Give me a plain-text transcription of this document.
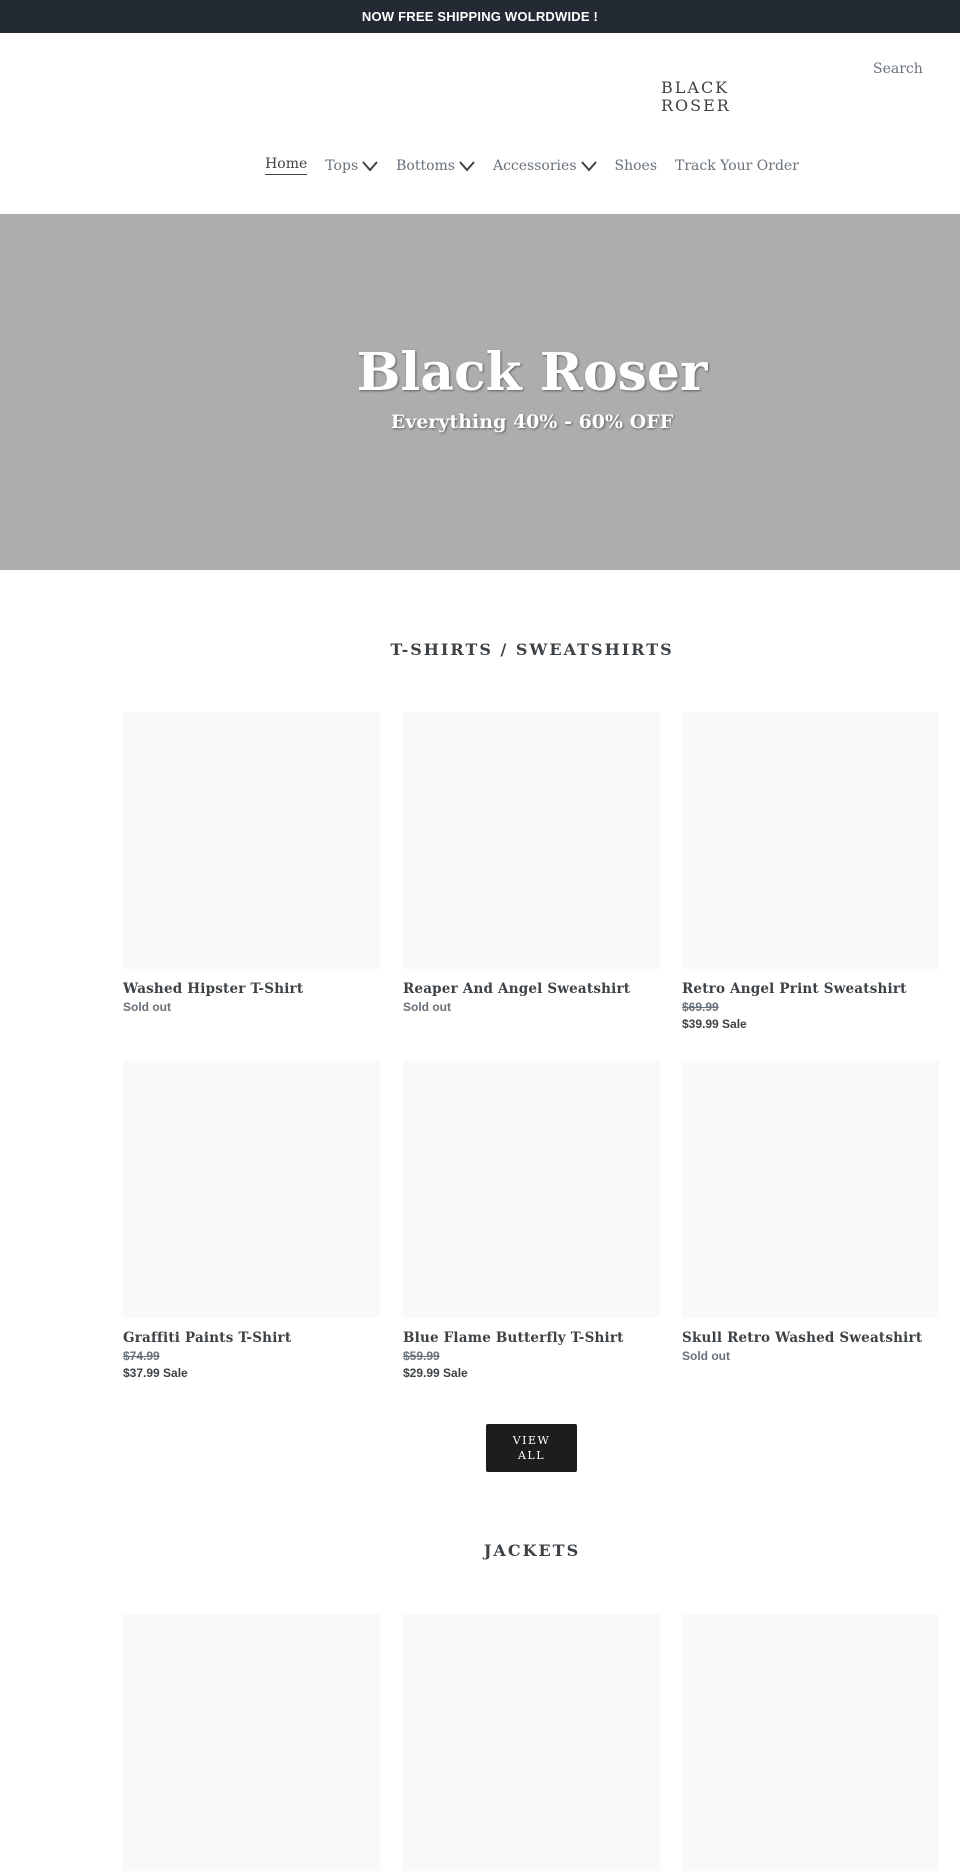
NOW FREE SHIPPING WOLRDWIDE !
Search
BLACK ROSER
Home Tops	Bottoms	Accessories	Shoes Track Your Order
Black Roser
Everything 40% - 60% OFF
T-SHIRTS / SWEATSHIRTS
Washed Hipster T-Shirt
Sold out
Reaper And Angel Sweatshirt
Sold out
Retro Angel Print Sweatshirt
$69.99
$39.99 Sale
Graffiti Paints T-Shirt
$74.99
$37.99 Sale
Blue Flame Butterfly T-Shirt
$59.99
$29.99 Sale
Skull Retro Washed Sweatshirt
Sold out
VIEW ALL
JACKETS
